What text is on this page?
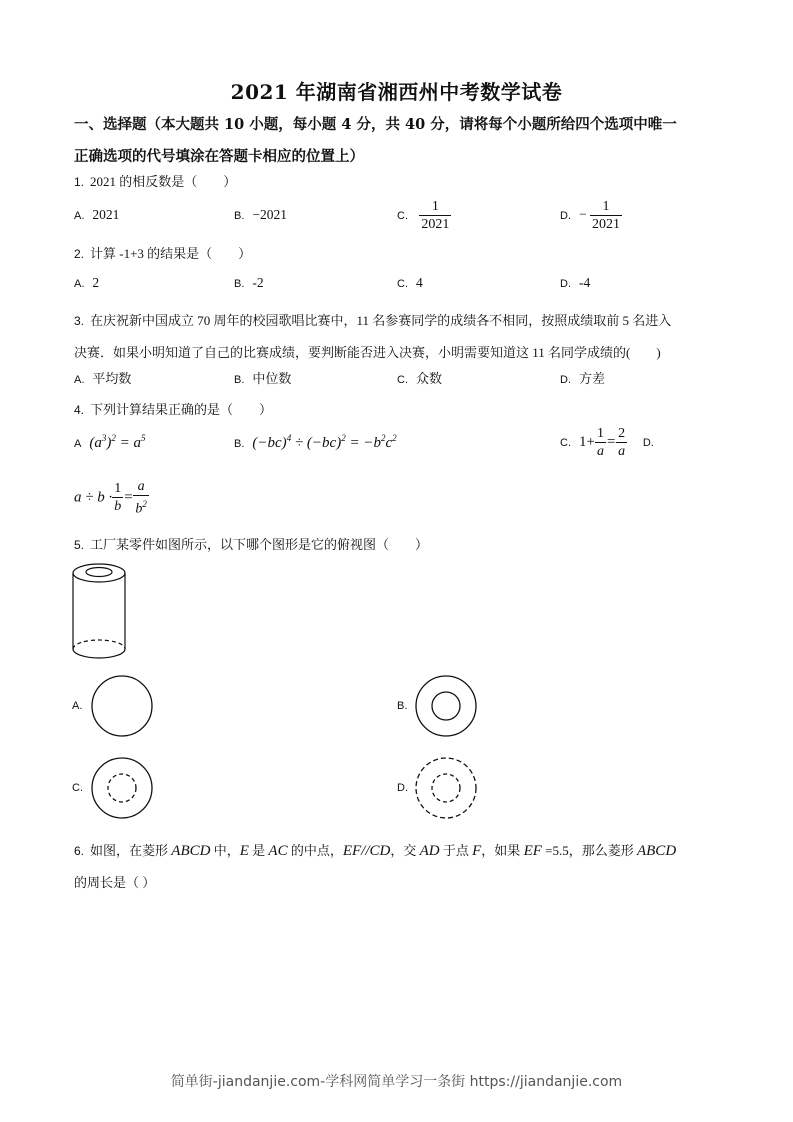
2021 年湖南省湘西州中考数学试卷
一、选择题（本大题共 10 小题，每小题 4 分，共 40 分，请将每个小题所给四个选项中唯一
正确选项的代号填涂在答题卡相应的位置上）
1. 2021 的相反数是（　　）
A. 2021	B. −2021	C. $\frac{1}{2021}$	D. − $\frac{1}{2021}$
2. 计算 -1+3 的结果是（　　）
A. 2	B. -2	C. 4	D. -4
3. 在庆祝新中国成立 70 周年的校园歌唱比赛中，11 名参赛同学的成绩各不相同，按照成绩取前 5 名进入
决赛．如果小明知道了自己的比赛成绩，要判断能否进入决赛，小明需要知道这 11 名同学成绩的(　　)
A. 平均数	B. 中位数	C. 众数	D. 方差
4. 下列计算结果正确的是（　　）
A $(a^3)^2 = a^5$	B. $(-bc)^4 \div (-bc)^2 = -b^2c^2$	C. $1+ \frac{1}{a} = \frac{2}{a} D$.
$a \div b \cdot \frac{1}{b} = \frac{a}{b^2}$
5. 工厂某零件如图所示，以下哪个图形是它的俯视图（　　）
A.	B.
C.	D.
6. 如图，在菱形 ABCD 中，E 是 AC 的中点，EF//CD，交 AD 于点 F，如果 EF =5.5，那么菱形 ABCD
的周长是（ ）
简单街-jiandanjie.com-学科网简单学习一条街 https://jiandanjie.com
